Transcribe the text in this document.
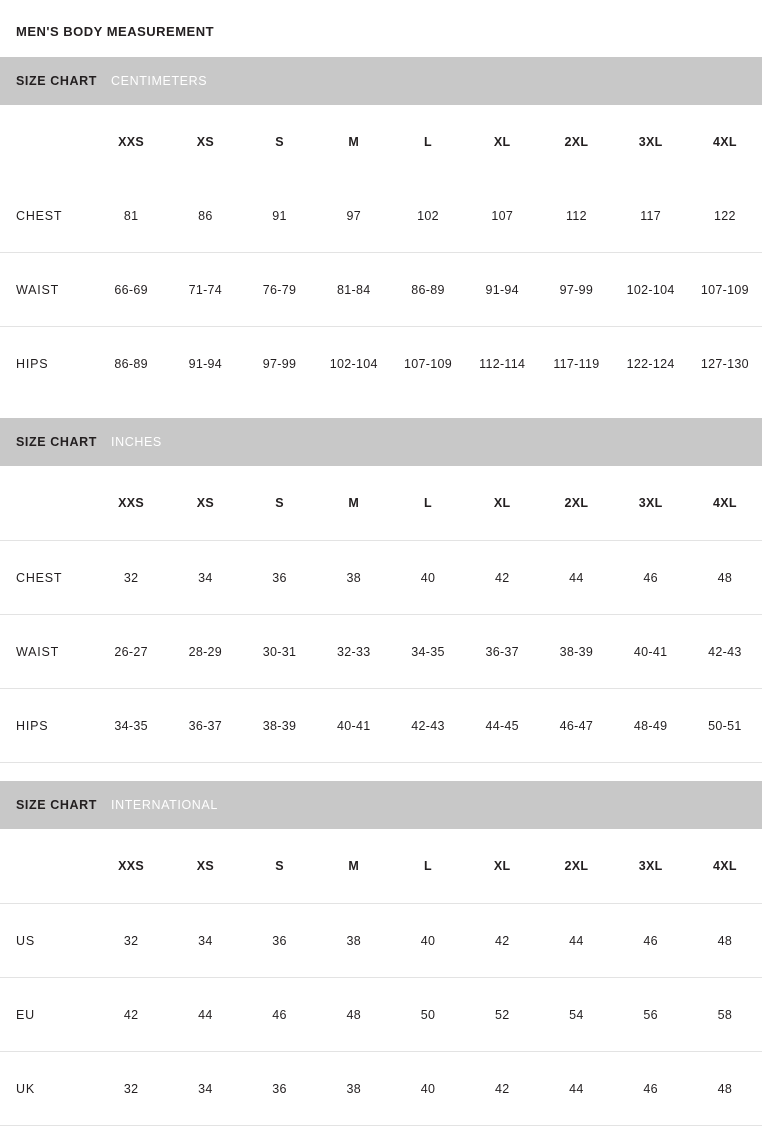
MEN'S BODY MEASUREMENT
SIZE CHART CENTIMETERS
	XXS	XS	S	M	L	XL	2XL	3XL	4XL
CHEST	81	86	91	97	102	107	112	117	122
WAIST	66-69	71-74	76-79	81-84	86-89	91-94	97-99	102-104	107-109
HIPS	86-89	91-94	97-99	102-104	107-109	112-114	117-119	122-124	127-130
SIZE CHART INCHES
	XXS	XS	S	M	L	XL	2XL	3XL	4XL
CHEST	32	34	36	38	40	42	44	46	48
WAIST	26-27	28-29	30-31	32-33	34-35	36-37	38-39	40-41	42-43
HIPS	34-35	36-37	38-39	40-41	42-43	44-45	46-47	48-49	50-51
SIZE CHART INTERNATIONAL
	XXS	XS	S	M	L	XL	2XL	3XL	4XL
US	32	34	36	38	40	42	44	46	48
EU	42	44	46	48	50	52	54	56	58
UK	32	34	36	38	40	42	44	46	48
